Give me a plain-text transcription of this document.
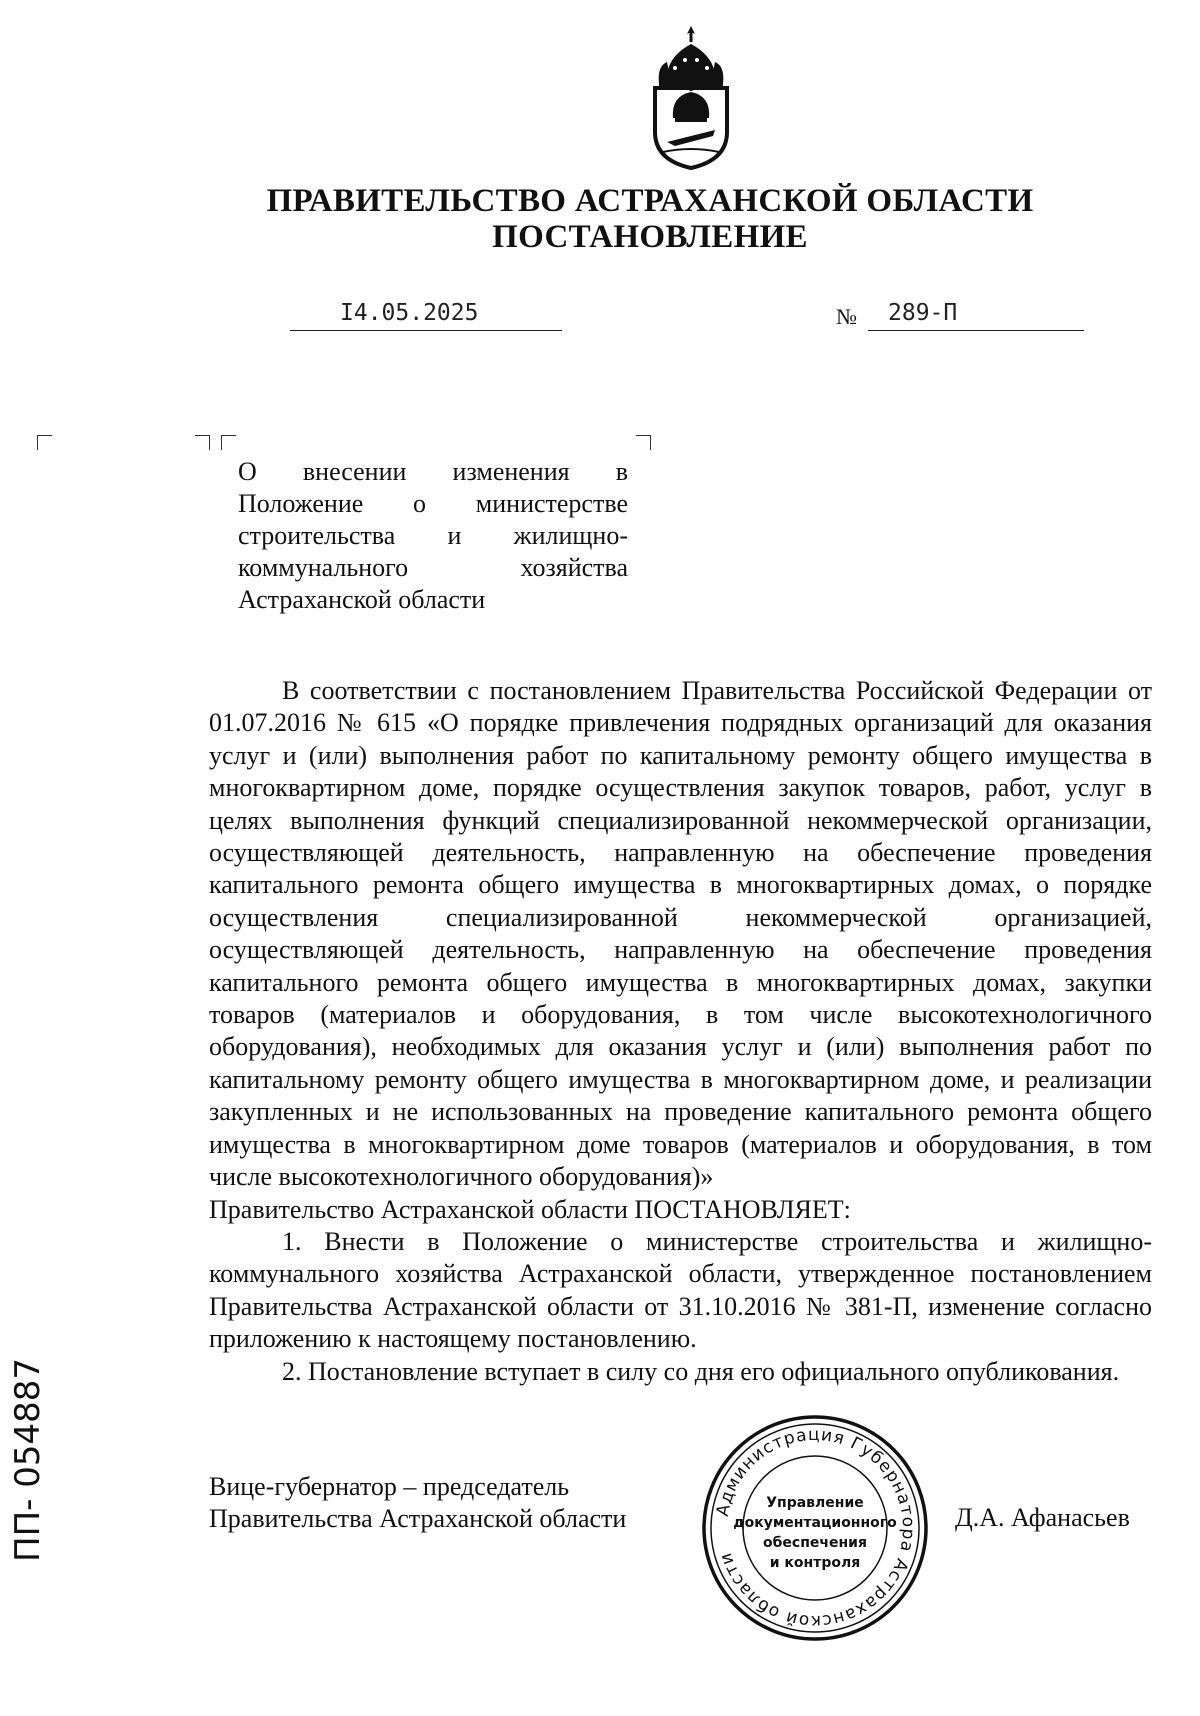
ПРАВИТЕЛЬСТВО АСТРАХАНСКОЙ ОБЛАСТИ
ПОСТАНОВЛЕНИЕ
I4.05.2025	№ 289-П
О внесении изменения в Положение о министерстве строительства и жилищно-коммунального хозяйства Астраханской области

В соответствии с постановлением Правительства Российской Федерации от 01.07.2016 № 615 «О порядке привлечения подрядных организаций для оказания услуг и (или) выполнения работ по капитальному ремонту общего имущества в многоквартирном доме, порядке осуществления закупок товаров, работ, услуг в целях выполнения функций специализированной некоммерческой организации, осуществляющей деятельность, направленную на обеспечение проведения капитального ремонта общего имущества в многоквартирных домах, о порядке осуществления специализированной некоммерческой организацией, осуществляющей деятельность, направленную на обеспечение проведения капитального ремонта общего имущества в многоквартирных домах, закупки товаров (материалов и оборудования, в том числе высокотехнологичного оборудования), необходимых для оказания услуг и (или) выполнения работ по капитальному ремонту общего имущества в многоквартирном доме, и реализации закупленных и не использованных на проведение капитального ремонта общего имущества в многоквартирном доме товаров (материалов и оборудования, в том числе высокотехнологичного оборудования)»

Правительство Астраханской области ПОСТАНОВЛЯЕТ:

1. Внести в Положение о министерстве строительства и жилищно-коммунального хозяйства Астраханской области, утвержденное постановлением Правительства Астраханской области от 31.10.2016 № 381-П, изменение согласно приложению к настоящему постановлению.

2. Постановление вступает в силу со дня его официального опубликования.

Вице-губернатор – председатель
Правительства Астраханской области	Д.А. Афанасьев
Администрация Губернатора Астраханской области
Управление
документационного
обеспечения
и контроля
ПП- 054887
